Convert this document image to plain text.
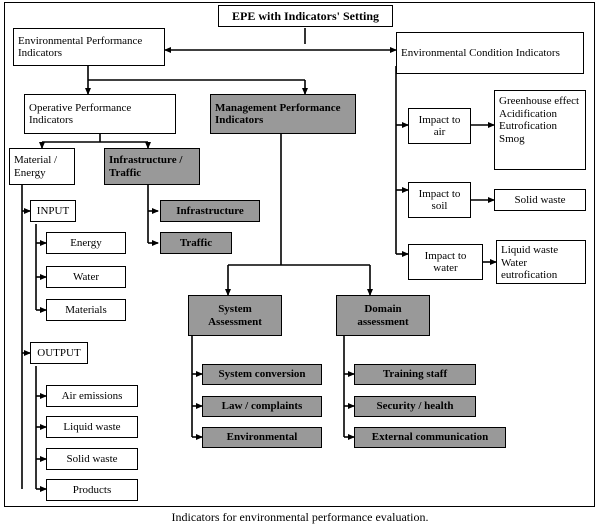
EPE with Indicators' Setting
Environmental Performance Indicators	Environmental Condition Indicators
Operative Performance Indicators
Management Performance Indicators
Material / Energy
Infrastructure / Traffic
Infrastructure
Traffic
INPUT
Energy
Water
Materials
OUTPUT
Air emissions
Liquid waste
Solid waste
Products
System Assessment
Domain assessment
System conversion
Law / complaints
Environmental
Training staff
Security / health
External communication
Impact to air
Impact to soil
Impact to water
Greenhouse effect Acidification Eutrofication Smog
Solid waste
Liquid waste Water eutrofication
Indicators for environmental performance evaluation.
